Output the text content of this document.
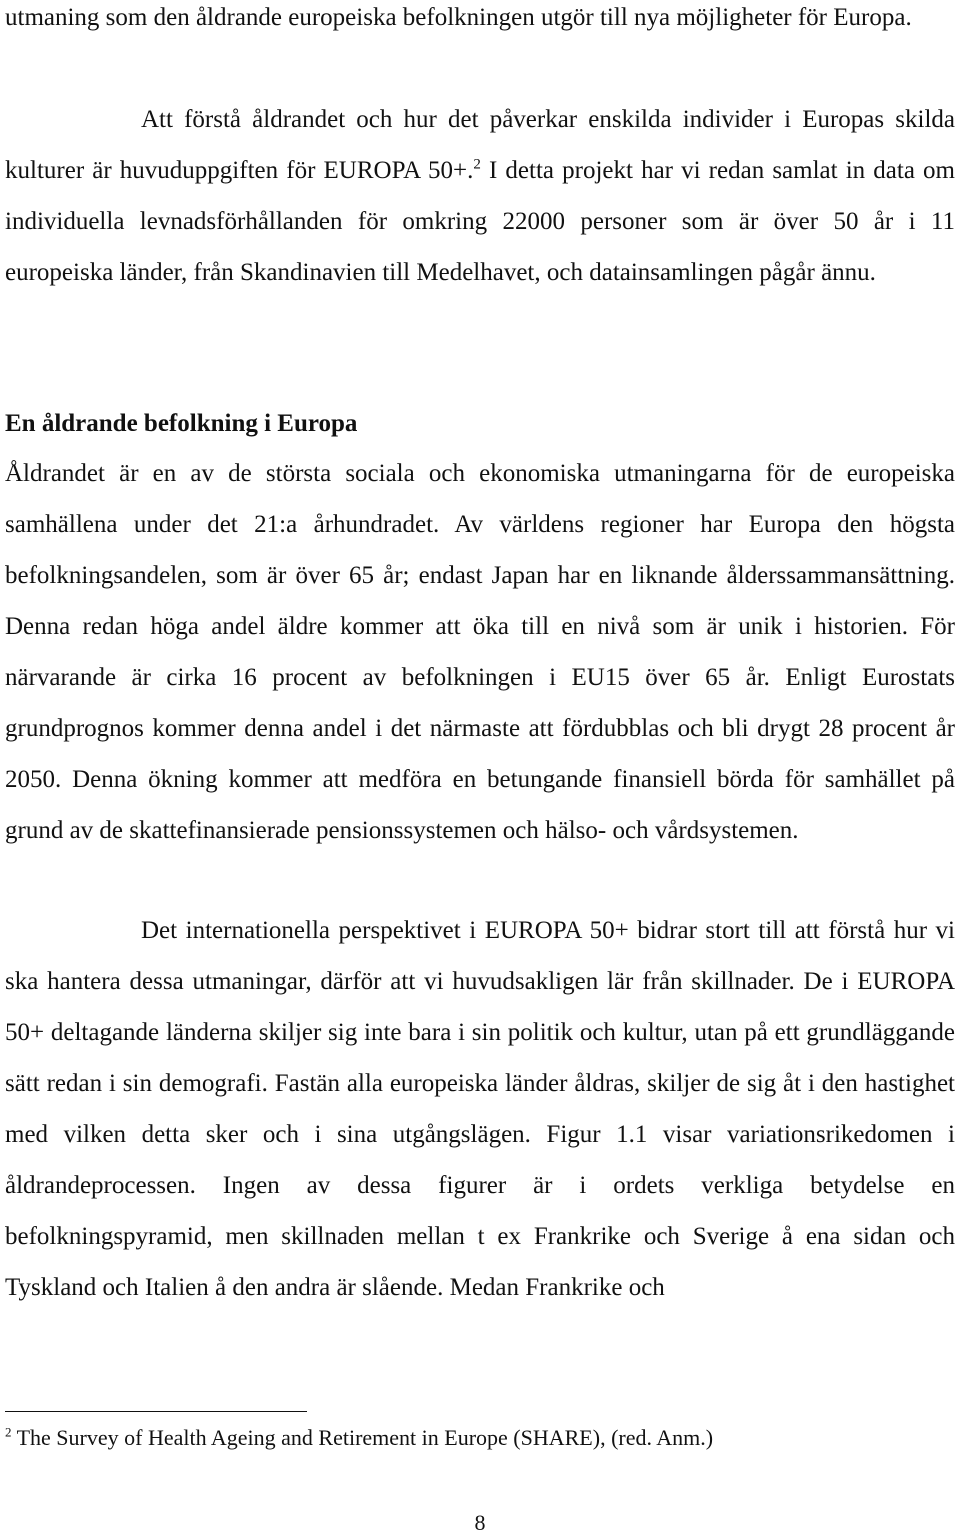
utmaning som den åldrande europeiska befolkningen utgör till nya möjligheter för Europa.

Att förstå åldrandet och hur det påverkar enskilda individer i Europas skilda kulturer är huvuduppgiften för EUROPA 50+.$^2$ I detta projekt har vi redan samlat in data om individuella levnadsförhållanden för omkring 22000 personer som är över 50 år i 11 europeiska länder, från Skandinavien till Medelhavet, och datainsamlingen pågår ännu.

En åldrande befolkning i Europa

Åldrandet är en av de största sociala och ekonomiska utmaningarna för de europeiska samhällena under det 21:a århundradet. Av världens regioner har Europa den högsta befolkningsandelen, som är över 65 år; endast Japan har en liknande ålderssammansättning. Denna redan höga andel äldre kommer att öka till en nivå som är unik i historien. För närvarande är cirka 16 procent av befolkningen i EU15 över 65 år. Enligt Eurostats grundprognos kommer denna andel i det närmaste att fördubblas och bli drygt 28 procent år 2050. Denna ökning kommer att medföra en betungande finansiell börda för samhället på grund av de skattefinansierade pensionssystemen och hälso- och vårdsystemen.

Det internationella perspektivet i EUROPA 50+ bidrar stort till att förstå hur vi ska hantera dessa utmaningar, därför att vi huvudsakligen lär från skillnader. De i EUROPA 50+ deltagande länderna skiljer sig inte bara i sin politik och kultur, utan på ett grundläggande sätt redan i sin demografi. Fastän alla europeiska länder åldras, skiljer de sig åt i den hastighet med vilken detta sker och i sina utgångslägen. Figur 1.1 visar variationsrikedomen i åldrandeprocessen. Ingen av dessa figurer är i ordets verkliga betydelse en befolkningspyramid, men skillnaden mellan t ex Frankrike och Sverige å ena sidan och Tyskland och Italien å den andra är slående. Medan Frankrike och

$^2$ The Survey of Health Ageing and Retirement in Europe (SHARE), (red. Anm.)

8
